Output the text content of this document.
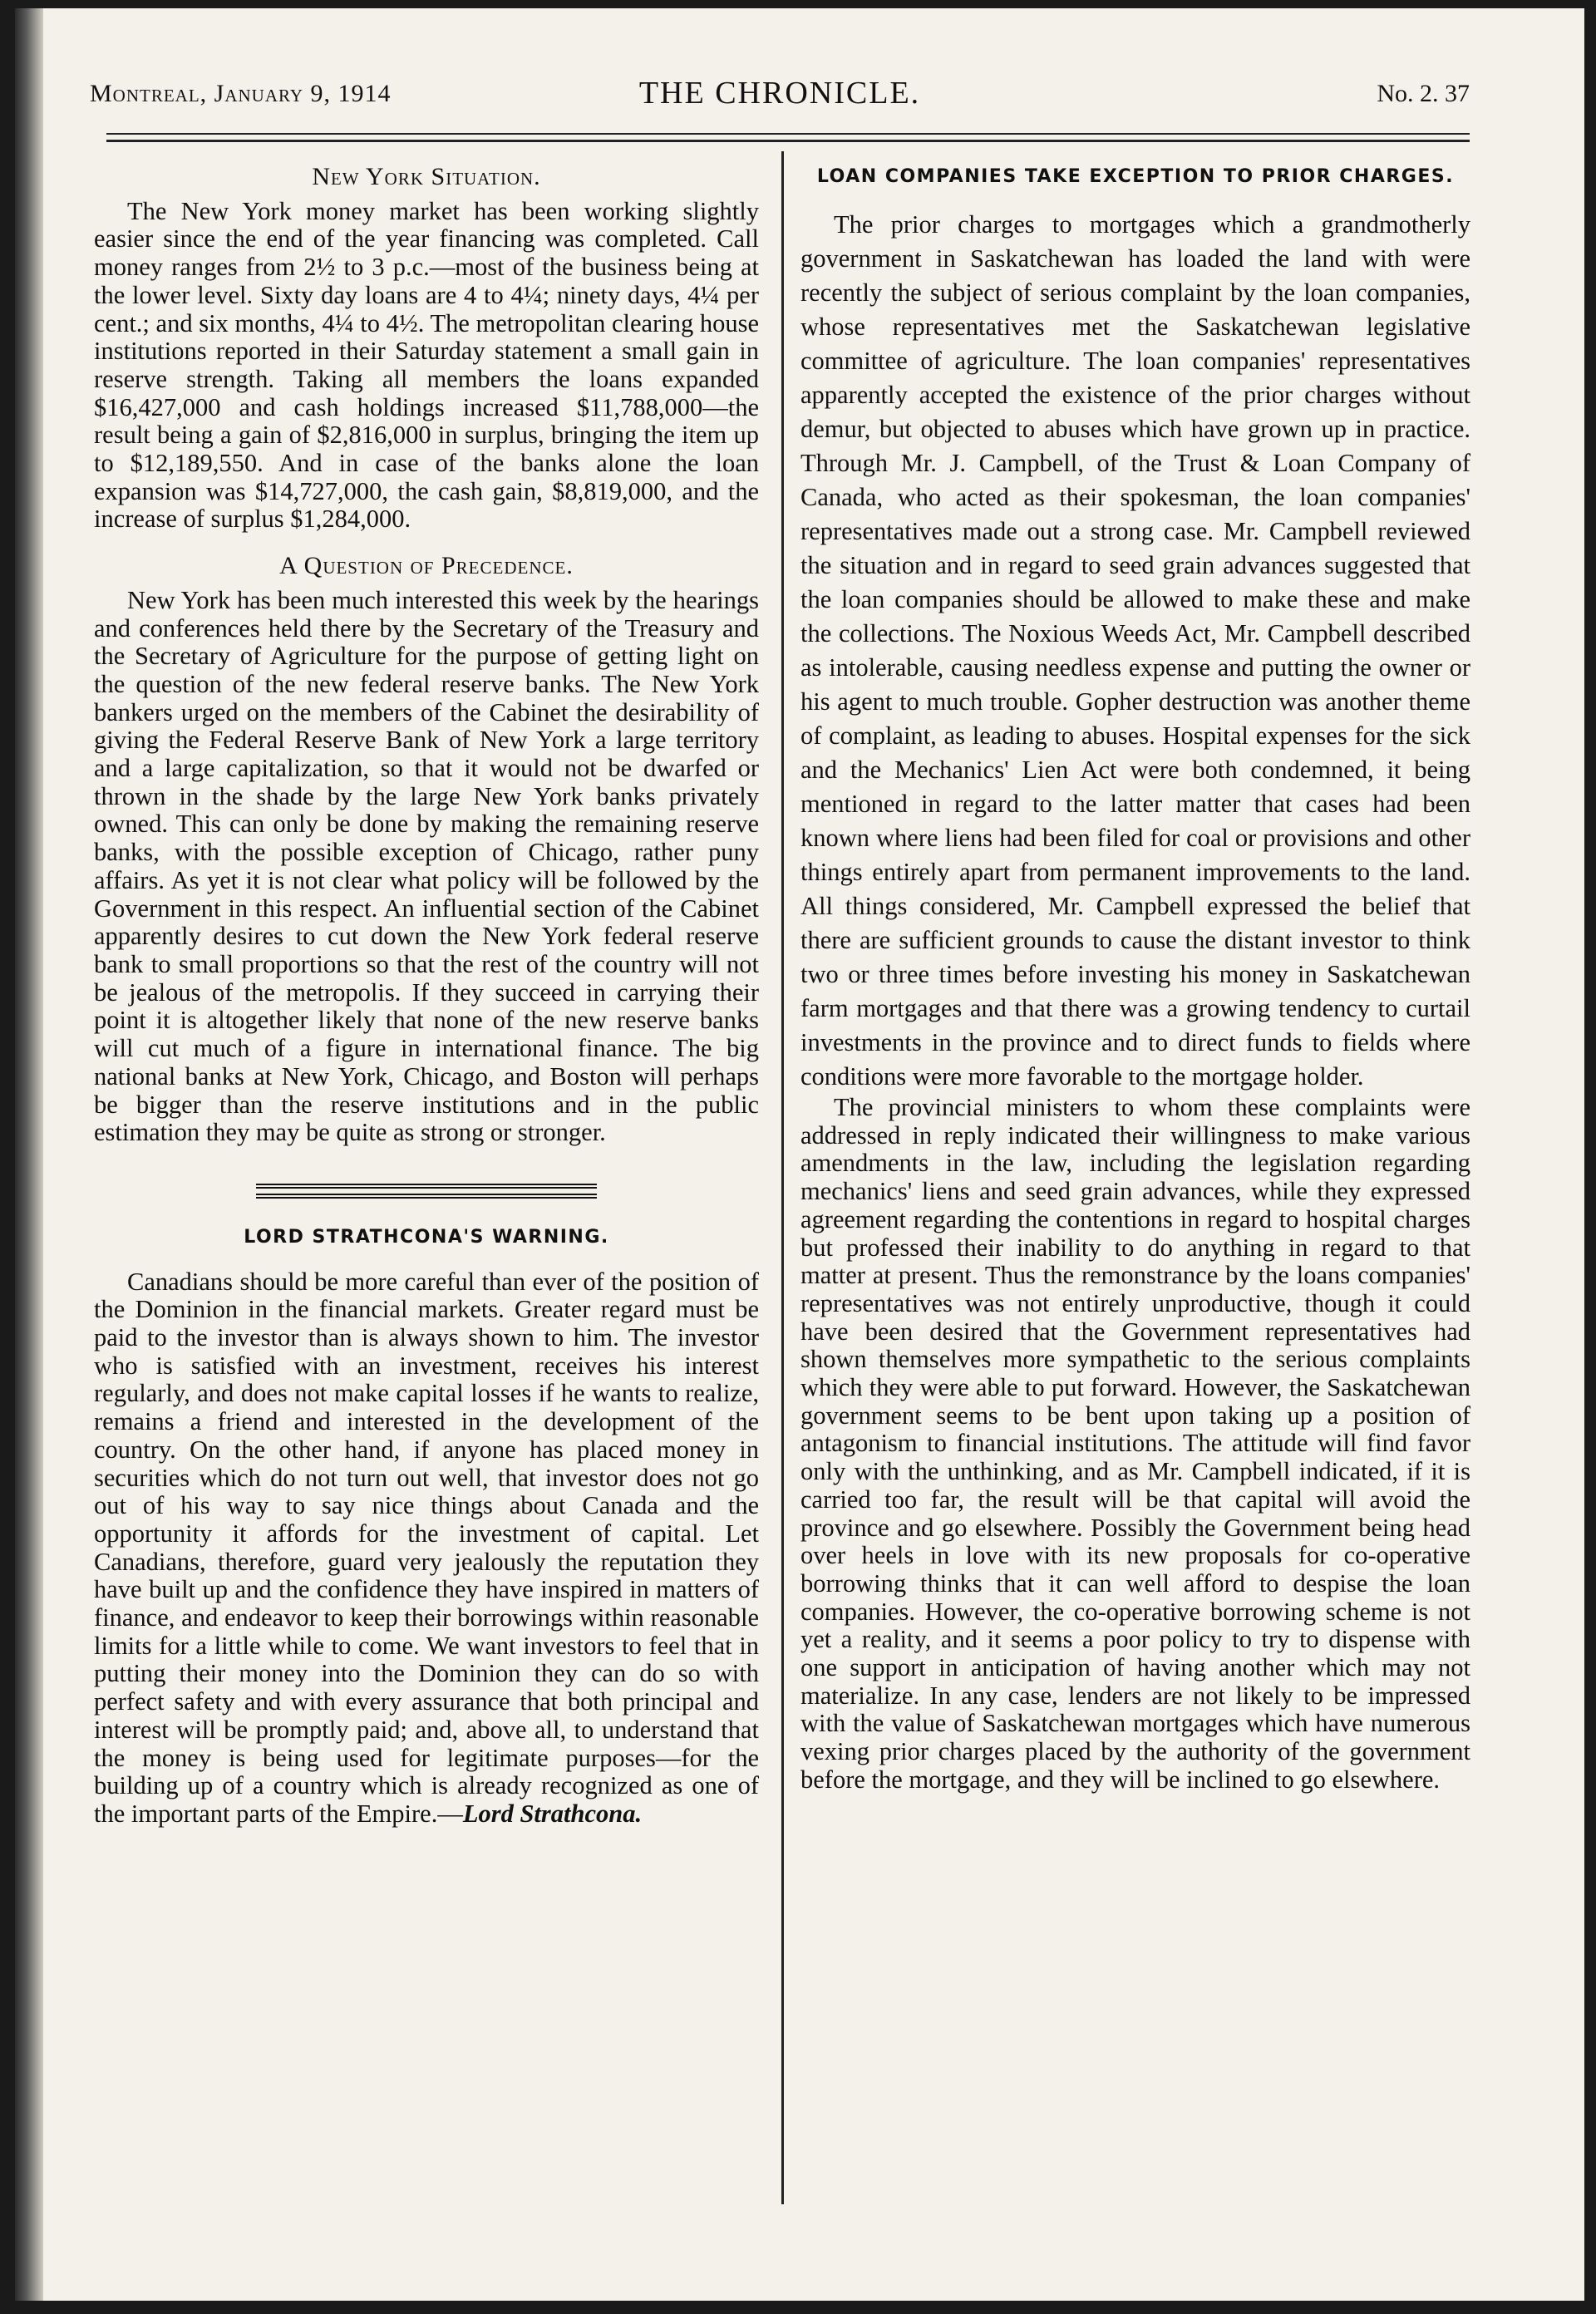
Montreal, January 9, 1914	THE CHRONICLE.	No. 2. 37
New York Situation.

The New York money market has been working slightly easier since the end of the year financing was completed. Call money ranges from 2½ to 3 p.c.—most of the business being at the lower level. Sixty day loans are 4 to 4¼; ninety days, 4¼ per cent.; and six months, 4¼ to 4½. The metropolitan clearing house institutions reported in their Saturday statement a small gain in reserve strength. Taking all members the loans expanded $16,427,000 and cash holdings increased $11,788,000—the result being a gain of $2,816,000 in surplus, bringing the item up to $12,189,550. And in case of the banks alone the loan expansion was $14,727,000, the cash gain, $8,819,000, and the increase of surplus $1,284,000.

A Question of Precedence.

New York has been much interested this week by the hearings and conferences held there by the Secretary of the Treasury and the Secretary of Agriculture for the purpose of getting light on the question of the new federal reserve banks. The New York bankers urged on the members of the Cabinet the desirability of giving the Federal Reserve Bank of New York a large territory and a large capitalization, so that it would not be dwarfed or thrown in the shade by the large New York banks privately owned. This can only be done by making the remaining reserve banks, with the possible exception of Chicago, rather puny affairs. As yet it is not clear what policy will be followed by the Government in this respect. An influential section of the Cabinet apparently desires to cut down the New York federal reserve bank to small proportions so that the rest of the country will not be jealous of the metropolis. If they succeed in carrying their point it is altogether likely that none of the new reserve banks will cut much of a figure in international finance. The big national banks at New York, Chicago, and Boston will perhaps be bigger than the reserve institutions and in the public estimation they may be quite as strong or stronger.

LORD STRATHCONA'S WARNING.

Canadians should be more careful than ever of the position of the Dominion in the financial markets. Greater regard must be paid to the investor than is always shown to him. The investor who is satisfied with an investment, receives his interest regularly, and does not make capital losses if he wants to realize, remains a friend and interested in the development of the country. On the other hand, if anyone has placed money in securities which do not turn out well, that investor does not go out of his way to say nice things about Canada and the opportunity it affords for the investment of capital. Let Canadians, therefore, guard very jealously the reputation they have built up and the confidence they have inspired in matters of finance, and endeavor to keep their borrowings within reasonable limits for a little while to come. We want investors to feel that in putting their money into the Dominion they can do so with perfect safety and with every assurance that both principal and interest will be promptly paid; and, above all, to understand that the money is being used for legitimate purposes—for the building up of a country which is already recognized as one of the important parts of the Empire.—Lord Strathcona.

LOAN COMPANIES TAKE EXCEPTION TO PRIOR CHARGES.

The prior charges to mortgages which a grandmotherly government in Saskatchewan has loaded the land with were recently the subject of serious complaint by the loan companies, whose representatives met the Saskatchewan legislative committee of agriculture. The loan companies' representatives apparently accepted the existence of the prior charges without demur, but objected to abuses which have grown up in practice. Through Mr. J. Campbell, of the Trust & Loan Company of Canada, who acted as their spokesman, the loan companies' representatives made out a strong case. Mr. Campbell reviewed the situation and in regard to seed grain advances suggested that the loan companies should be allowed to make these and make the collections. The Noxious Weeds Act, Mr. Campbell described as intolerable, causing needless expense and putting the owner or his agent to much trouble. Gopher destruction was another theme of complaint, as leading to abuses. Hospital expenses for the sick and the Mechanics' Lien Act were both condemned, it being mentioned in regard to the latter matter that cases had been known where liens had been filed for coal or provisions and other things entirely apart from permanent improvements to the land. All things considered, Mr. Campbell expressed the belief that there are sufficient grounds to cause the distant investor to think two or three times before investing his money in Saskatchewan farm mortgages and that there was a growing tendency to curtail investments in the province and to direct funds to fields where conditions were more favorable to the mortgage holder.

The provincial ministers to whom these complaints were addressed in reply indicated their willingness to make various amendments in the law, including the legislation regarding mechanics' liens and seed grain advances, while they expressed agreement regarding the contentions in regard to hospital charges but professed their inability to do anything in regard to that matter at present. Thus the remonstrance by the loans companies' representatives was not entirely unproductive, though it could have been desired that the Government representatives had shown themselves more sympathetic to the serious complaints which they were able to put forward. However, the Saskatchewan government seems to be bent upon taking up a position of antagonism to financial institutions. The attitude will find favor only with the unthinking, and as Mr. Campbell indicated, if it is carried too far, the result will be that capital will avoid the province and go elsewhere. Possibly the Government being head over heels in love with its new proposals for co-operative borrowing thinks that it can well afford to despise the loan companies. However, the co-operative borrowing scheme is not yet a reality, and it seems a poor policy to try to dispense with one support in anticipation of having another which may not materialize. In any case, lenders are not likely to be impressed with the value of Saskatchewan mortgages which have numerous vexing prior charges placed by the authority of the government before the mortgage, and they will be inclined to go elsewhere.
